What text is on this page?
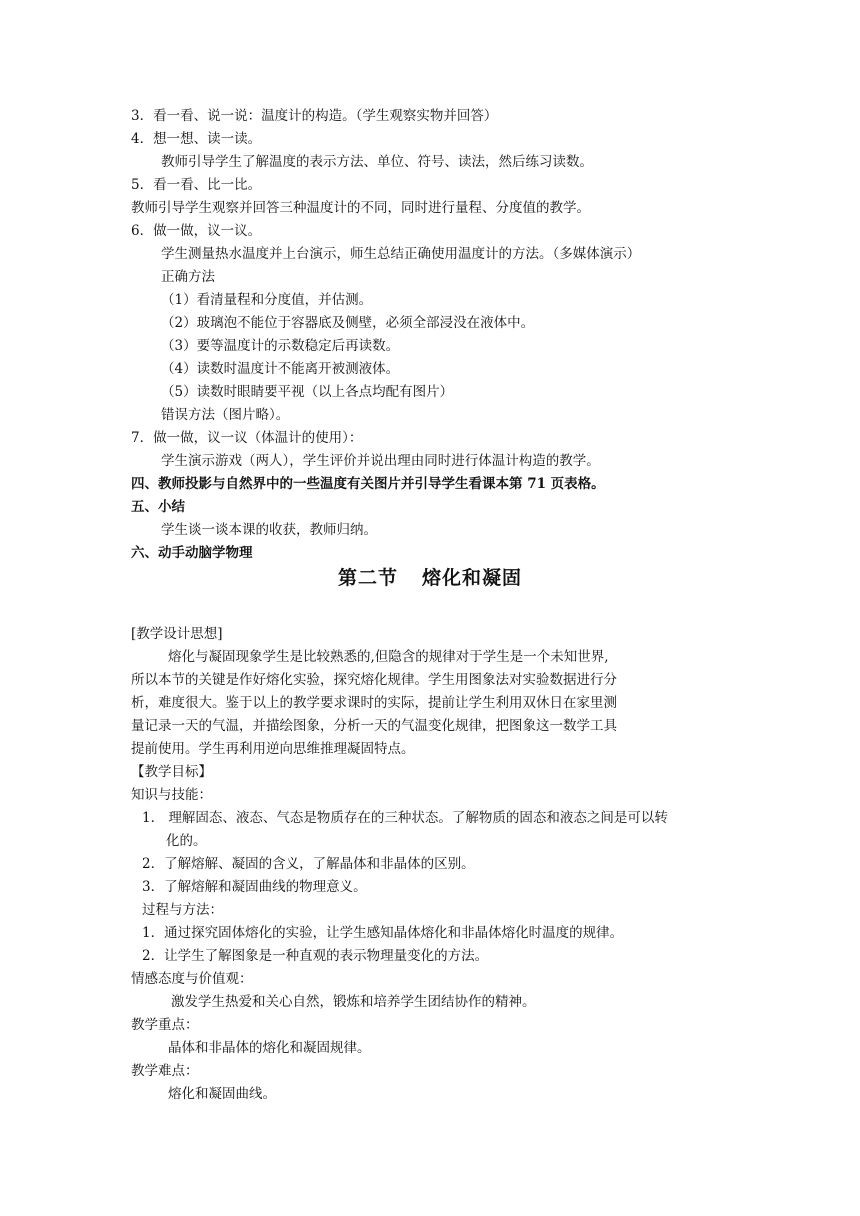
3．看一看、说一说：温度计的构造。（学生观察实物并回答）
4．想一想、读一读。
教师引导学生了解温度的表示方法、单位、符号、读法，然后练习读数。
5．看一看、比一比。
教师引导学生观察并回答三种温度计的不同，同时进行量程、分度值的教学。
6．做一做，议一议。
学生测量热水温度并上台演示，师生总结正确使用温度计的方法。（多媒体演示）
正确方法
（1）看清量程和分度值，并估测。
（2）玻璃泡不能位于容器底及侧壁，必须全部浸没在液体中。
（3）要等温度计的示数稳定后再读数。
（4）读数时温度计不能离开被测液体。
（5）读数时眼睛要平视（以上各点均配有图片）
错误方法（图片略）。
7．做一做，议一议（体温计的使用）：
学生演示游戏（两人），学生评价并说出理由同时进行体温计构造的教学。
四、教师投影与自然界中的一些温度有关图片并引导学生看课本第 71 页表格。
五、小结
学生谈一谈本课的收获，教师归纳。
六、动手动脑学物理
第二节 熔化和凝固
[教学设计思想]
熔化与凝固现象学生是比较熟悉的,但隐含的规律对于学生是一个未知世界,
所以本节的关键是作好熔化实验，探究熔化规律。学生用图象法对实验数据进行分
析，难度很大。鉴于以上的教学要求课时的实际，提前让学生利用双休日在家里测
量记录一天的气温，并描绘图象，分析一天的气温变化规律，把图象这一数学工具
提前使用。学生再利用逆向思维推理凝固特点。
【教学目标】
知识与技能：
1． 理解固态、液态、气态是物质存在的三种状态。了解物质的固态和液态之间是可以转
化的。
2．了解熔解、凝固的含义，了解晶体和非晶体的区别。
3．了解熔解和凝固曲线的物理意义。
过程与方法：
1．通过探究固体熔化的实验，让学生感知晶体熔化和非晶体熔化时温度的规律。
2．让学生了解图象是一种直观的表示物理量变化的方法。
情感态度与价值观：
激发学生热爱和关心自然，锻炼和培养学生团结协作的精神。
教学重点：
晶体和非晶体的熔化和凝固规律。
教学难点：
熔化和凝固曲线。
